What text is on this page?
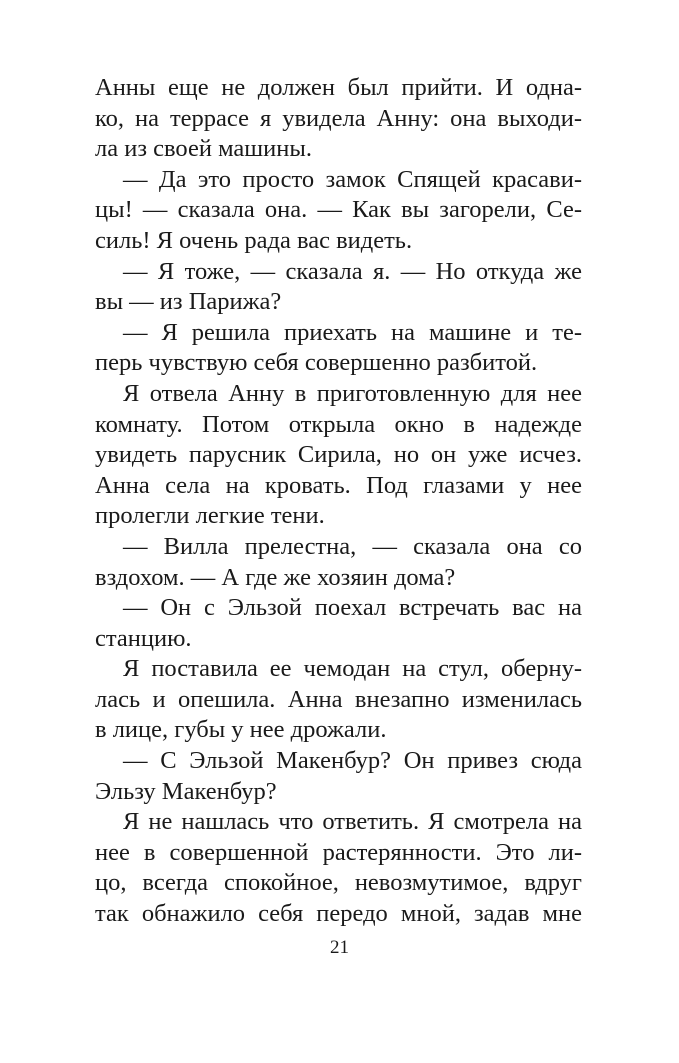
Анны еще не должен был прийти. И одна-
ко, на террасе я увидела Анну: она выходи-
ла из своей машины.
— Да это просто замок Спящей красави-
цы! — сказала она. — Как вы загорели, Се-
силь! Я очень рада вас видеть.
— Я тоже, — сказала я. — Но откуда же
вы — из Парижа?
— Я решила приехать на машине и те-
перь чувствую себя совершенно разбитой.
Я отвела Анну в приготовленную для нее
комнату. Потом открыла окно в надежде
увидеть парусник Сирила, но он уже исчез.
Анна села на кровать. Под глазами у нее
пролегли легкие тени.
— Вилла прелестна, — сказала она со
вздохом. — А где же хозяин дома?
— Он с Эльзой поехал встречать вас на
станцию.
Я поставила ее чемодан на стул, оберну-
лась и опешила. Анна внезапно изменилась
в лице, губы у нее дрожали.
— С Эльзой Макенбур? Он привез сюда
Эльзу Макенбур?
Я не нашлась что ответить. Я смотрела на
нее в совершенной растерянности. Это ли-
цо, всегда спокойное, невозмутимое, вдруг
так обнажило себя передо мной, задав мне
21
